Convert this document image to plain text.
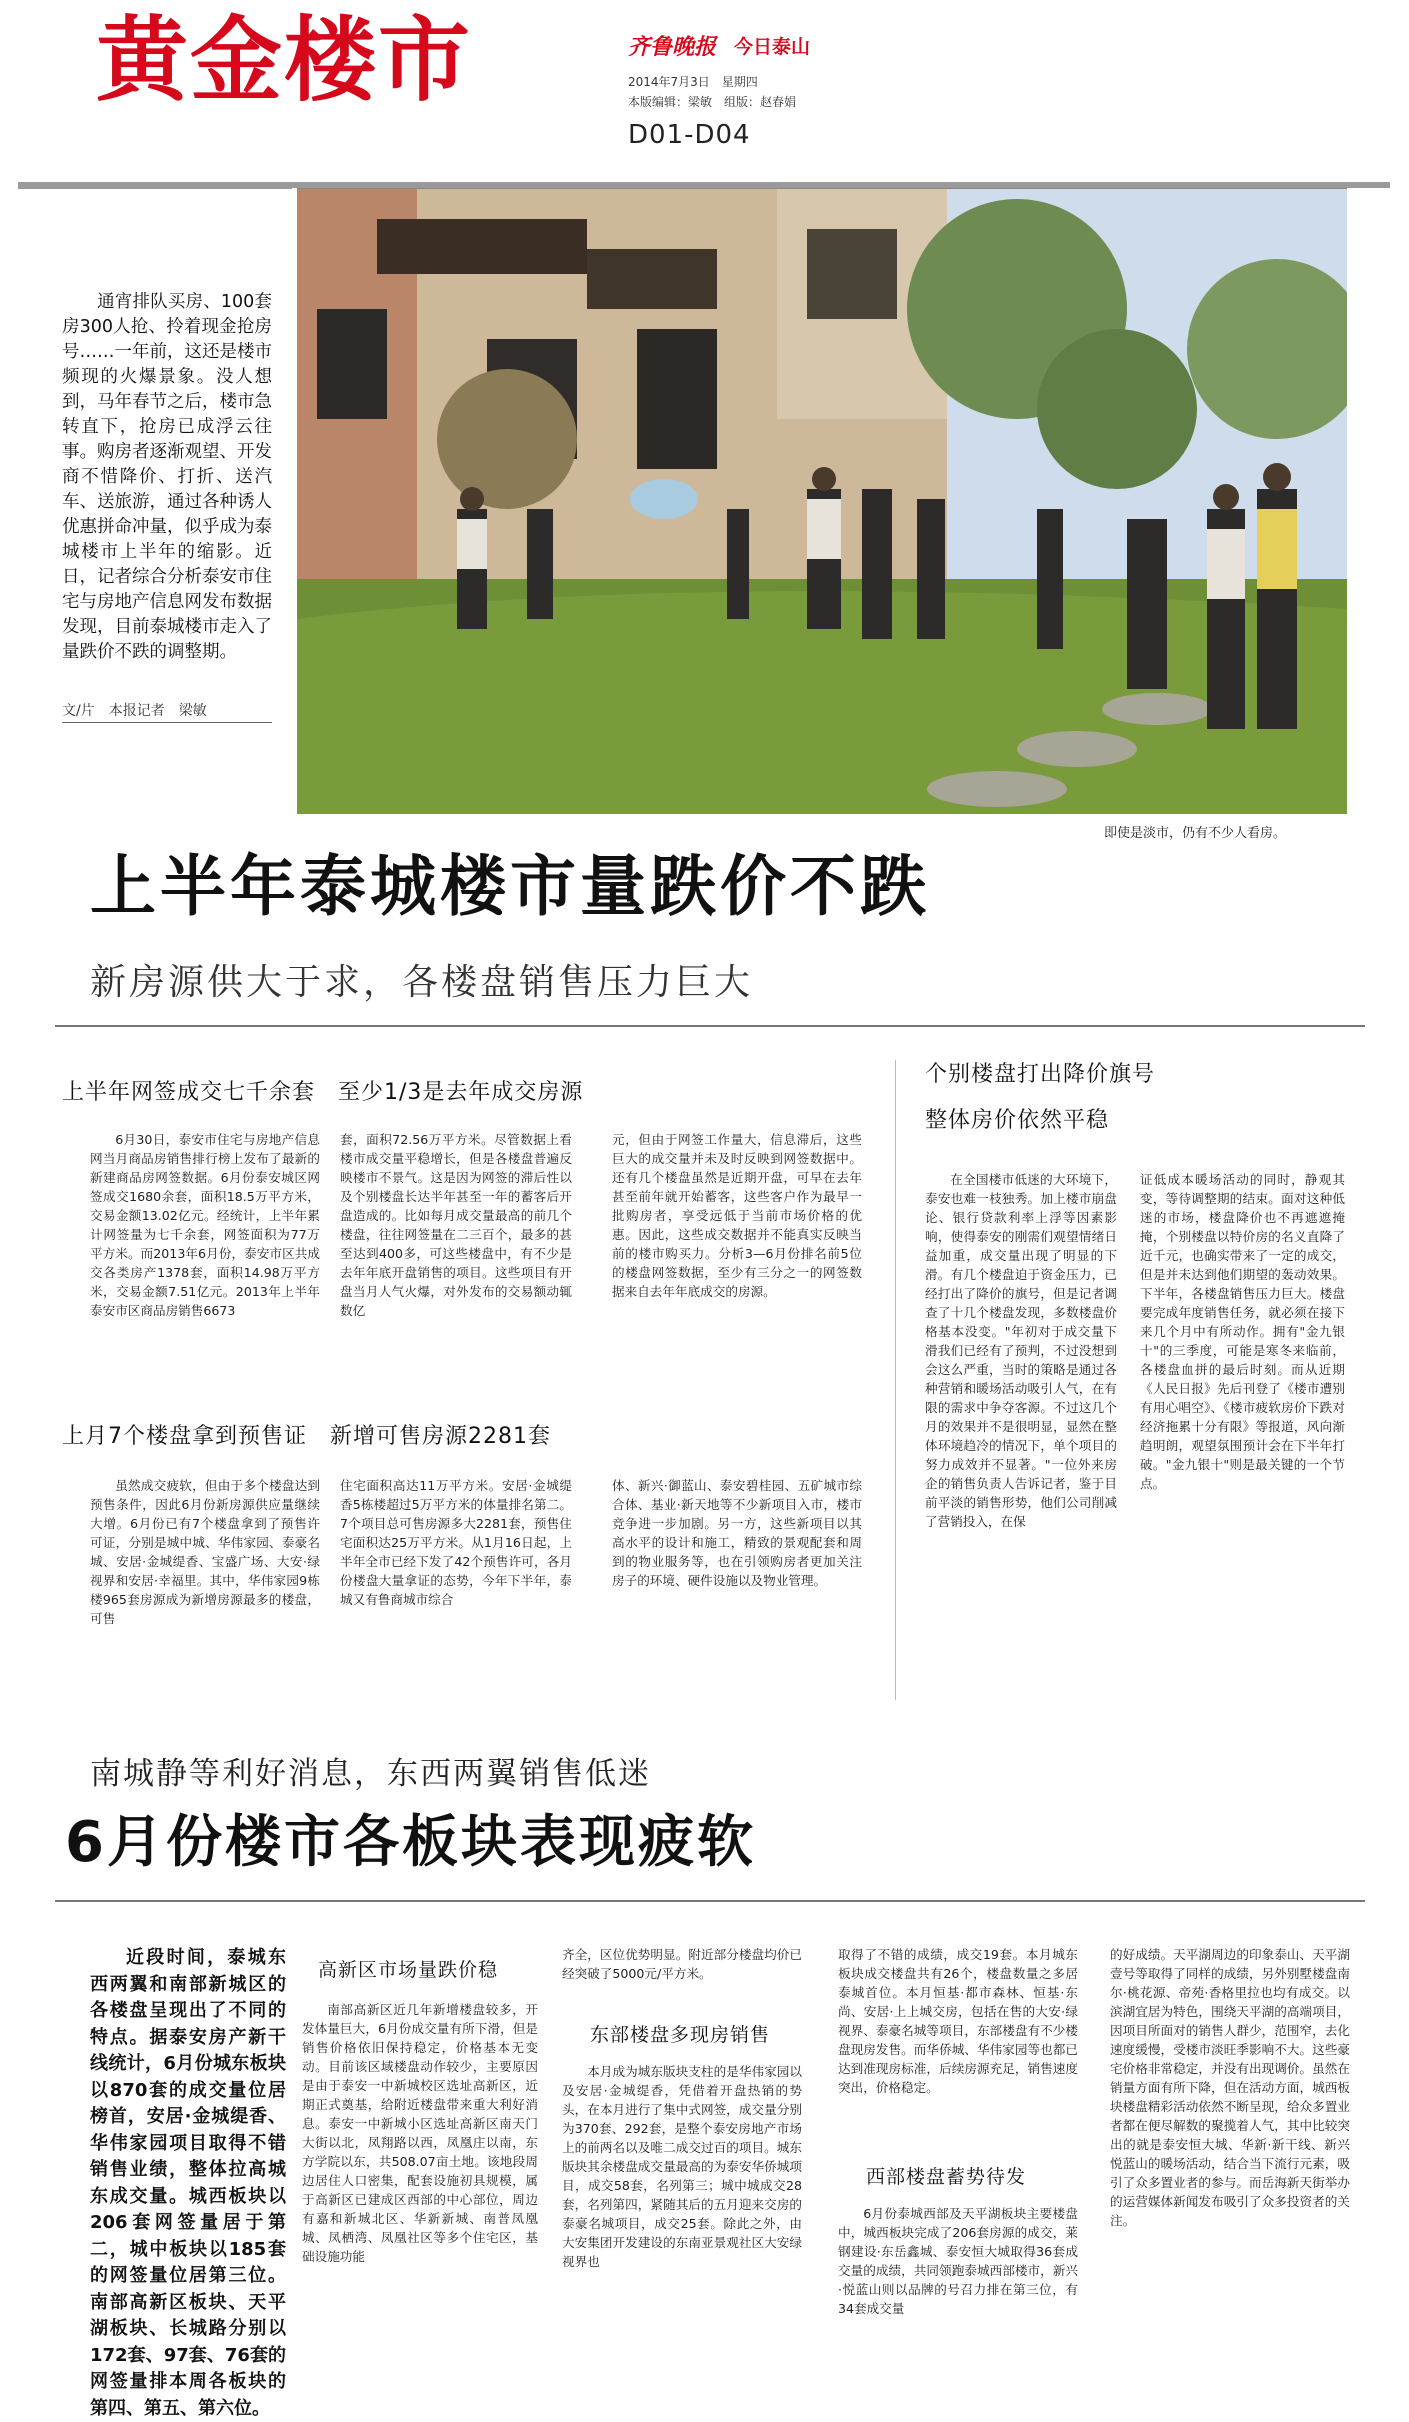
黄金楼市	齐鲁晚报 今日泰山
2014年7月3日　星期四
本版编辑：梁敏　组版：赵春娟
D01-D04
通宵排队买房、100套房300人抢、拎着现金抢房号……一年前，这还是楼市频现的火爆景象。没人想到，马年春节之后，楼市急转直下，抢房已成浮云往事。购房者逐渐观望、开发商不惜降价、打折、送汽车、送旅游，通过各种诱人优惠拼命冲量，似乎成为泰城楼市上半年的缩影。近日，记者综合分析泰安市住宅与房地产信息网发布数据发现，目前泰城楼市走入了量跌价不跌的调整期。
文/片　本报记者　梁敏
即使是淡市，仍有不少人看房。
上半年泰城楼市量跌价不跌
新房源供大于求，各楼盘销售压力巨大
上半年网签成交七千余套　至少1/3是去年成交房源
6月30日，泰安市住宅与房地产信息网当月商品房销售排行榜上发布了最新的新建商品房网签数据。6月份泰安城区网签成交1680余套，面积18.5万平方米，交易金额13.02亿元。经统计，上半年累计网签量为七千余套，网签面积为77万平方米。而2013年6月份，泰安市区共成交各类房产1378套，面积14.98万平方米，交易金额7.51亿元。2013年上半年泰安市区商品房销售6673
套，面积72.56万平方米。尽管数据上看楼市成交量平稳增长，但是各楼盘普遍反映楼市不景气。这是因为网签的滞后性以及个别楼盘长达半年甚至一年的蓄客后开盘造成的。比如每月成交量最高的前几个楼盘，往往网签量在二三百个，最多的甚至达到400多，可这些楼盘中，有不少是去年年底开盘销售的项目。这些项目有开盘当月人气火爆，对外发布的交易额动辄数亿
元，但由于网签工作量大，信息滞后，这些巨大的成交量并未及时反映到网签数据中。还有几个楼盘虽然是近期开盘，可早在去年甚至前年就开始蓄客，这些客户作为最早一批购房者，享受远低于当前市场价格的优惠。因此，这些成交数据并不能真实反映当前的楼市购买力。分析3—6月份排名前5位的楼盘网签数据，至少有三分之一的网签数据来自去年年底成交的房源。
上月7个楼盘拿到预售证　新增可售房源2281套
虽然成交疲软，但由于多个楼盘达到预售条件，因此6月份新房源供应量继续大增。6月份已有7个楼盘拿到了预售许可证，分别是城中城、华伟家园、泰豪名城、安居·金城缇香、宝盛广场、大安·绿视界和安居·幸福里。其中，华伟家园9栋楼965套房源成为新增房源最多的楼盘，可售
住宅面积高达11万平方米。安居·金城缇香5栋楼超过5万平方米的体量排名第二。7个项目总可售房源多大2281套，预售住宅面积达25万平方米。从1月16日起，上半年全市已经下发了42个预售许可，各月份楼盘大量拿证的态势，今年下半年，泰城又有鲁商城市综合
体、新兴·御蓝山、泰安碧桂园、五矿城市综合体、基业·新天地等不少新项目入市，楼市竞争进一步加剧。另一方，这些新项目以其高水平的设计和施工，精致的景观配套和周到的物业服务等，也在引领购房者更加关注房子的环境、硬件设施以及物业管理。
个别楼盘打出降价旗号
整体房价依然平稳
在全国楼市低迷的大环境下，泰安也难一枝独秀。加上楼市崩盘论、银行贷款利率上浮等因素影响，使得泰安的刚需们观望情绪日益加重，成交量出现了明显的下滑。有几个楼盘迫于资金压力，已经打出了降价的旗号，但是记者调查了十几个楼盘发现，多数楼盘价格基本没变。"年初对于成交量下滑我们已经有了预判，不过没想到会这么严重，当时的策略是通过各种营销和暖场活动吸引人气，在有限的需求中争夺客源。不过这几个月的效果并不是很明显，显然在整体环境趋冷的情况下，单个项目的努力成效并不显著。"一位外来房企的销售负责人告诉记者，鉴于目前平淡的销售形势，他们公司削减了营销投入，在保
证低成本暖场活动的同时，静观其变，等待调整期的结束。面对这种低迷的市场，楼盘降价也不再遮遮掩掩，个别楼盘以特价房的名义直降了近千元，也确实带来了一定的成交，但是并未达到他们期望的轰动效果。下半年，各楼盘销售压力巨大。楼盘要完成年度销售任务，就必须在接下来几个月中有所动作。拥有"金九银十"的三季度，可能是寒冬来临前，各楼盘血拼的最后时刻。而从近期《人民日报》先后刊登了《楼市遭别有用心唱空》、《楼市疲软房价下跌对经济拖累十分有限》等报道，风向渐趋明朗，观望氛围预计会在下半年打破。"金九银十"则是最关键的一个节点。
南城静等利好消息，东西两翼销售低迷
6月份楼市各板块表现疲软
近段时间，泰城东西两翼和南部新城区的各楼盘呈现出了不同的特点。据泰安房产新干线统计，6月份城东板块以870套的成交量位居榜首，安居·金城缇香、华伟家园项目取得不错销售业绩，整体拉高城东成交量。城西板块以206套网签量居于第二，城中板块以185套的网签量位居第三位。南部高新区板块、天平湖板块、长城路分别以172套、97套、76套的网签量排本周各板块的第四、第五、第六位。
高新区市场量跌价稳
南部高新区近几年新增楼盘较多，开发体量巨大，6月份成交量有所下滑，但是销售价格依旧保持稳定，价格基本无变动。目前该区域楼盘动作较少，主要原因是由于泰安一中新城校区选址高新区，近期正式奠基，给附近楼盘带来重大利好消息。泰安一中新城小区选址高新区南天门大街以北，凤翔路以西，凤凰庄以南，东方学院以东，共508.07亩土地。该地段周边居住人口密集，配套设施初具规模，属于高新区已建成区西部的中心部位，周边有嘉和新城北区、华新新城、南普凤凰城、凤栖湾、凤凰社区等多个住宅区，基础设施功能
齐全，区位优势明显。附近部分楼盘均价已经突破了5000元/平方米。
东部楼盘多现房销售
本月成为城东版块支柱的是华伟家园以及安居·金城缇香，凭借着开盘热销的势头，在本月进行了集中式网签，成交量分别为370套、292套，是整个泰安房地产市场上的前两名以及唯二成交过百的项目。城东版块其余楼盘成交量最高的为泰安华侨城项目，成交58套，名列第三；城中城成交28套，名列第四，紧随其后的五月迎来交房的泰豪名城项目，成交25套。除此之外，由大安集团开发建设的东南亚景观社区大安绿视界也
取得了不错的成绩，成交19套。本月城东板块成交楼盘共有26个，楼盘数量之多居泰城首位。本月恒基·都市森林、恒基·东尚、安居·上上城交房，包括在售的大安·绿视界、泰豪名城等项目，东部楼盘有不少楼盘现房发售。而华侨城、华伟家园等也都已达到准现房标准，后续房源充足，销售速度突出，价格稳定。
西部楼盘蓄势待发
6月份泰城西部及天平湖板块主要楼盘中，城西板块完成了206套房源的成交，莱钢建设·东岳鑫城、泰安恒大城取得36套成交量的成绩，共同领跑泰城西部楼市，新兴·悦蓝山则以品牌的号召力排在第三位，有34套成交量
的好成绩。天平湖周边的印象泰山、天平湖壹号等取得了同样的成绩，另外别墅楼盘南尔·桃花源、帝苑·香格里拉也均有成交。以滨湖宜居为特色，围绕天平湖的高端项目，因项目所面对的销售人群少，范围窄，去化速度缓慢，受楼市淡旺季影响不大。这些豪宅价格非常稳定，并没有出现调价。虽然在销量方面有所下降，但在活动方面，城西板块楼盘精彩活动依然不断呈现，给众多置业者都在便尽解数的聚揽着人气，其中比较突出的就是泰安恒大城、华新·新干线、新兴悦蓝山的暖场活动，结合当下流行元素，吸引了众多置业者的参与。而岳海新天街举办的运营媒体新闻发布吸引了众多投资者的关注。
